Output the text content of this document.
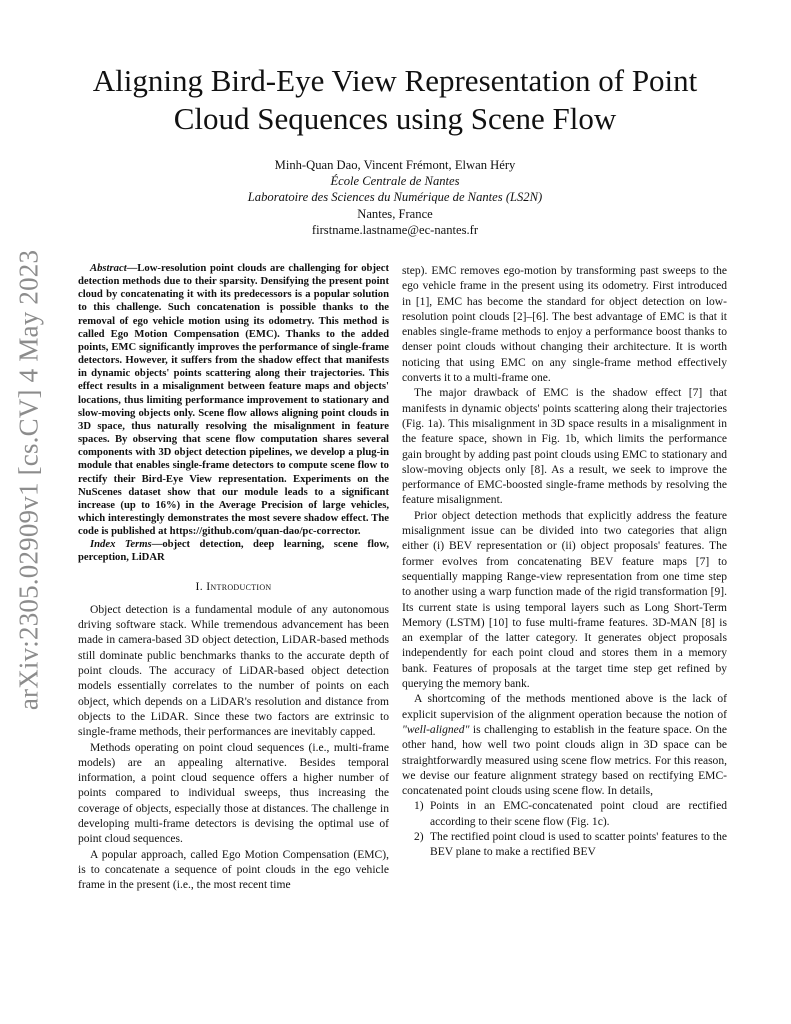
arXiv:2305.02909v1 [cs.CV] 4 May 2023
Aligning Bird-Eye View Representation of Point Cloud Sequences using Scene Flow
Minh-Quan Dao, Vincent Frémont, Elwan Héry
École Centrale de Nantes
Laboratoire des Sciences du Numérique de Nantes (LS2N)
Nantes, France
firstname.lastname@ec-nantes.fr

Abstract—Low-resolution point clouds are challenging for object detection methods due to their sparsity. Densifying the present point cloud by concatenating it with its predecessors is a popular solution to this challenge. Such concatenation is possible thanks to the removal of ego vehicle motion using its odometry. This method is called Ego Motion Compensation (EMC). Thanks to the added points, EMC significantly improves the performance of single-frame detectors. However, it suffers from the shadow effect that manifests in dynamic objects' points scattering along their trajectories. This effect results in a misalignment between feature maps and objects' locations, thus limiting performance improvement to stationary and slow-moving objects only. Scene flow allows aligning point clouds in 3D space, thus naturally resolving the misalignment in feature spaces. By observing that scene flow computation shares several components with 3D object detection pipelines, we develop a plug-in module that enables single-frame detectors to compute scene flow to rectify their Bird-Eye View representation. Experiments on the NuScenes dataset show that our module leads to a significant increase (up to 16%) in the Average Precision of large vehicles, which interestingly demonstrates the most severe shadow effect. The code is published at https://github.com/quan-dao/pc-corrector.

Index Terms—object detection, deep learning, scene flow, perception, LiDAR

I. Introduction

Object detection is a fundamental module of any autonomous driving software stack. While tremendous advancement has been made in camera-based 3D object detection, LiDAR-based methods still dominate public benchmarks thanks to the accurate depth of point clouds. The accuracy of LiDAR-based object detection models essentially correlates to the number of points on each object, which depends on a LiDAR's resolution and distance from objects to the LiDAR. Since these two factors are extrinsic to single-frame methods, their performances are inevitably capped.

Methods operating on point cloud sequences (i.e., multi-frame models) are an appealing alternative. Besides temporal information, a point cloud sequence offers a higher number of points compared to individual sweeps, thus increasing the coverage of objects, especially those at distances. The challenge in developing multi-frame detectors is devising the optimal use of point cloud sequences.

A popular approach, called Ego Motion Compensation (EMC), is to concatenate a sequence of point clouds in the ego vehicle frame in the present (i.e., the most recent time

step). EMC removes ego-motion by transforming past sweeps to the ego vehicle frame in the present using its odometry. First introduced in [1], EMC has become the standard for object detection on low-resolution point clouds [2]–[6]. The best advantage of EMC is that it enables single-frame methods to enjoy a performance boost thanks to denser point clouds without changing their architecture. It is worth noticing that using EMC on any single-frame method effectively converts it to a multi-frame one.

The major drawback of EMC is the shadow effect [7] that manifests in dynamic objects' points scattering along their trajectories (Fig. 1a). This misalignment in 3D space results in a misalignment in the feature space, shown in Fig. 1b, which limits the performance gain brought by adding past point clouds using EMC to stationary and slow-moving objects only [8]. As a result, we seek to improve the performance of EMC-boosted single-frame methods by resolving the feature misalignment.

Prior object detection methods that explicitly address the feature misalignment issue can be divided into two categories that align either (i) BEV representation or (ii) object proposals' features. The former evolves from concatenating BEV feature maps [7] to sequentially mapping Range-view representation from one time step to another using a warp function made of the rigid transformation [9]. Its current state is using temporal layers such as Long Short-Term Memory (LSTM) [10] to fuse multi-frame features. 3D-MAN [8] is an exemplar of the latter category. It generates object proposals independently for each point cloud and stores them in a memory bank. Features of proposals at the target time step get refined by querying the memory bank.

A shortcoming of the methods mentioned above is the lack of explicit supervision of the alignment operation because the notion of "well-aligned" is challenging to establish in the feature space. On the other hand, how well two point clouds align in 3D space can be straightforwardly measured using scene flow metrics. For this reason, we devise our feature alignment strategy based on rectifying EMC-concatenated point clouds using scene flow. In details,

1) Points in an EMC-concatenated point cloud are rectified according to their scene flow (Fig. 1c).
2) The rectified point cloud is used to scatter points' features to the BEV plane to make a rectified BEV
